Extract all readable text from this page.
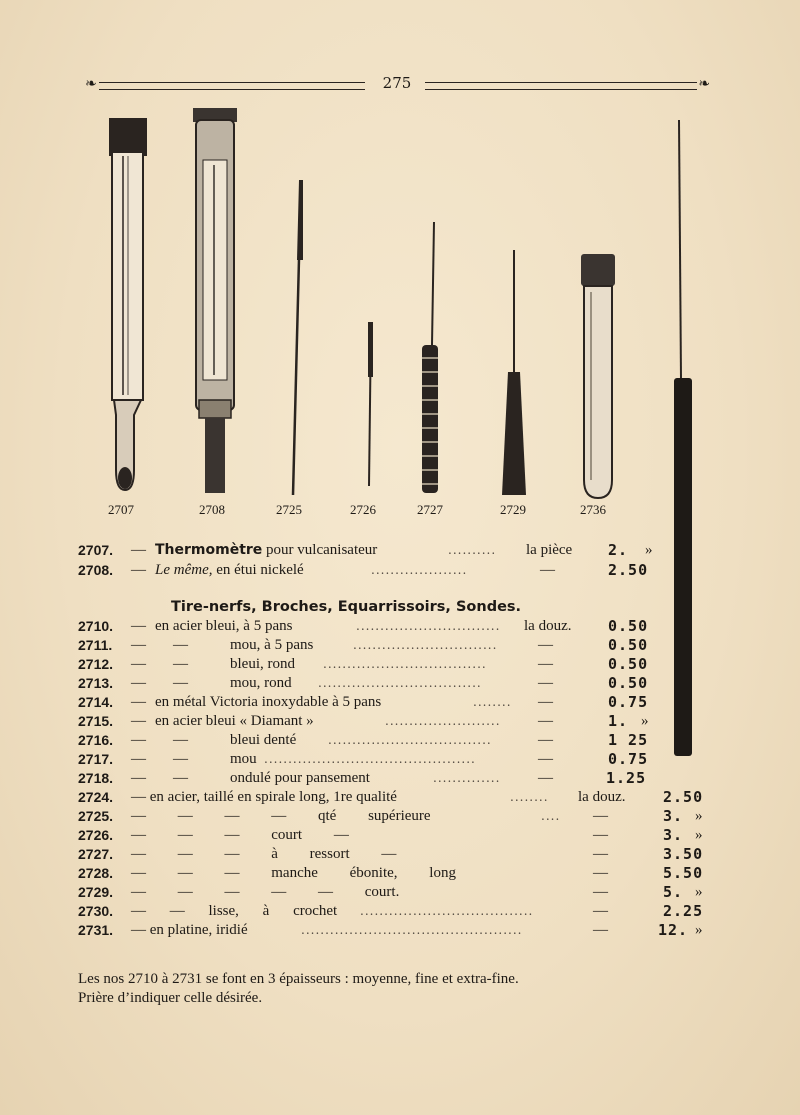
❧	275	❧
2707	2708	2725	2726	2727	2729	2736
2707. — Thermomètre pour vulcanisateur	..........	la pièce 2. »
2708. — Le même, en étui nickelé	....................	—	2.50
Tire-nerfs, Broches, Equarrissoirs, Sondes.
2710. — en acier bleui, à 5 pans	..............................	la douz. 0.50
2711. — —	mou, à 5 pans	..............................	—	0.50
2712. — —	bleui, rond ..................................	—	0.50
2713. — —	mou, rond ..................................	—	0.50
2714. — en métal Victoria inoxydable à 5 pans	........	—	0.75
2715. — en acier bleui « Diamant »	........................	—	1. »
2716. — —	bleui denté	..................................	—	1 25
2717. — —	mou ............................................	—	0.75
2718. — —	ondulé pour pansement	..............	—	1.25
2724. — en acier, taillé en spirale long, 1re qualité	........	la douz.	2.50
2725. — — — — qté supérieure	....	—	3. »
2726. — — — court —	—	3. »
2727. — — — à ressort —	—	3.50
2728. — — — manche ébonite, long	—	5.50
2729. — — — — — court.	—	5. »
2730. — — lisse, à crochet ....................................	—	2.25
2731. — en platine, iridié	..............................................	—	12. »
Les nos 2710 à 2731 se font en 3 épaisseurs : moyenne, fine et extra-fine.
Prière d’indiquer celle désirée.
